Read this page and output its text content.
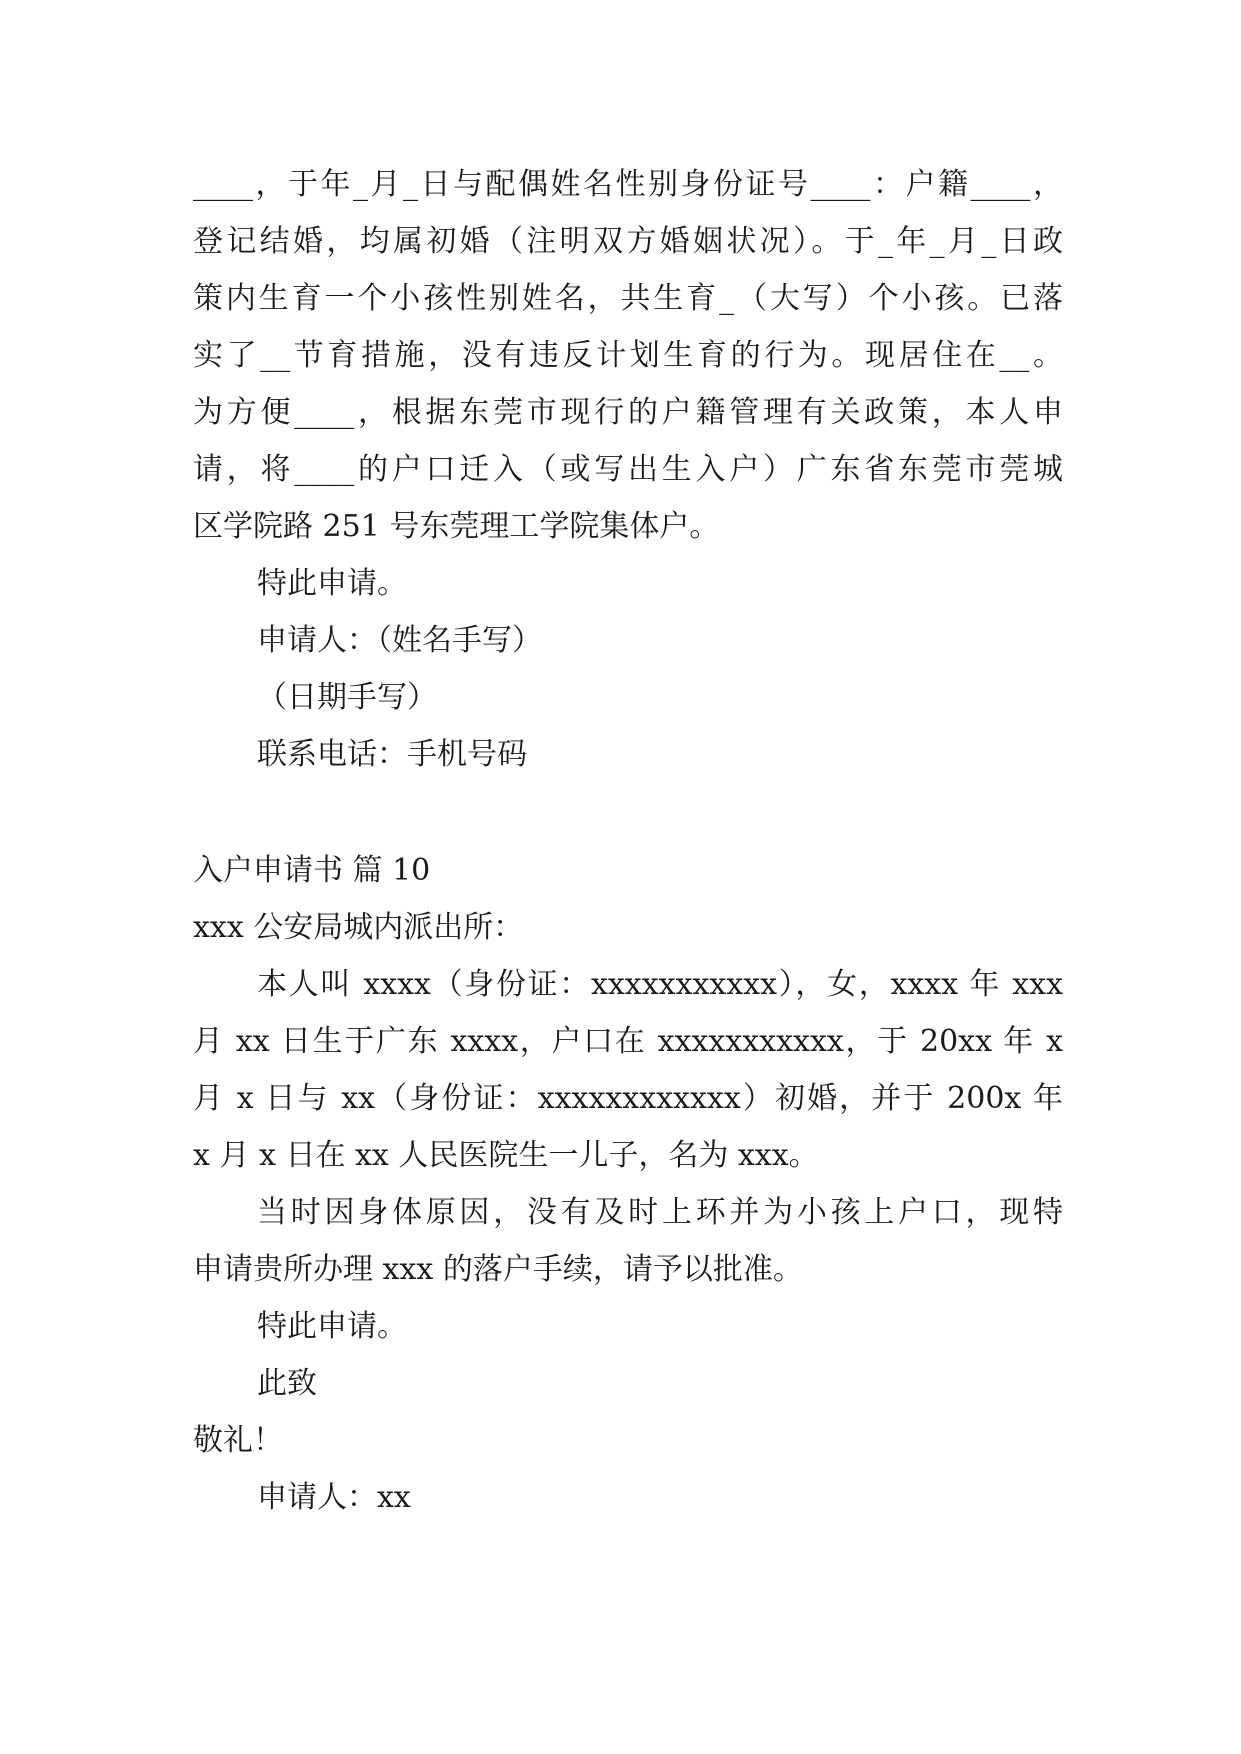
____，于年_月_日与配偶姓名性别身份证号____：户籍____，

登记结婚，均属初婚（注明双方婚姻状况）。于_年_月_日政

策内生育一个小孩性别姓名，共生育_（大写）个小孩。已落

实了__节育措施，没有违反计划生育的行为。现居住在__。

为方便____，根据东莞市现行的户籍管理有关政策，本人申

请，将____的户口迁入（或写出生入户）广东省东莞市莞城

区学院路 251 号东莞理工学院集体户。

特此申请。

申请人：（姓名手写）

（日期手写）

联系电话：手机号码

入户申请书 篇 10

xxx 公安局城内派出所：

本人叫 xxxx（身份证：xxxxxxxxxxx），女，xxxx 年 xxx

月 xx 日生于广东 xxxx，户口在 xxxxxxxxxxx，于 20xx 年 x

月 x 日与 xx（身份证：xxxxxxxxxxxx）初婚，并于 200x 年

x 月 x 日在 xx 人民医院生一儿子，名为 xxx。

当时因身体原因，没有及时上环并为小孩上户口，现特

申请贵所办理 xxx 的落户手续，请予以批准。

特此申请。

此致

敬礼！

申请人：xx
